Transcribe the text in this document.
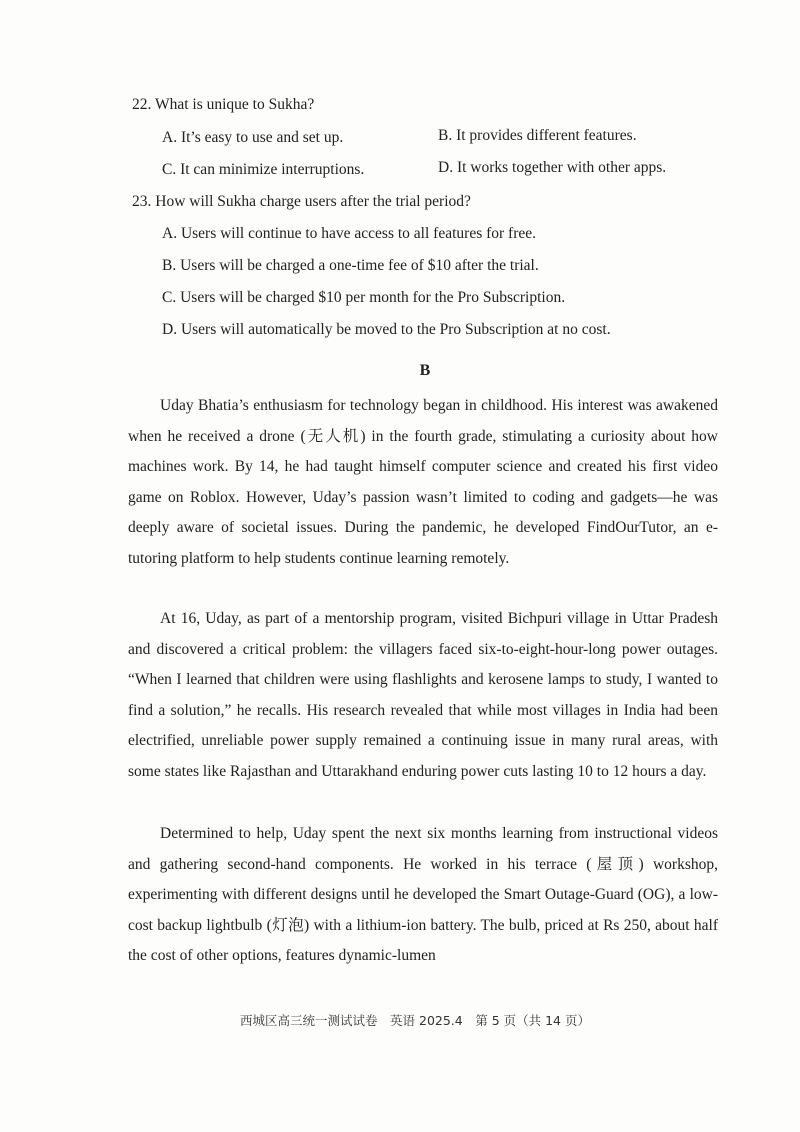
22. What is unique to Sukha?
A. It’s easy to use and set up.	B. It provides different features.
C. It can minimize interruptions.	D. It works together with other apps.
23. How will Sukha charge users after the trial period?
A. Users will continue to have access to all features for free.
B. Users will be charged a one-time fee of $10 after the trial.
C. Users will be charged $10 per month for the Pro Subscription.
D. Users will automatically be moved to the Pro Subscription at no cost.
B
Uday Bhatia’s enthusiasm for technology began in childhood. His interest was awakened when he received a drone (无人机) in the fourth grade, stimulating a curiosity about how machines work. By 14, he had taught himself computer science and created his first video game on Roblox. However, Uday’s passion wasn’t limited to coding and gadgets—he was deeply aware of societal issues. During the pandemic, he developed FindOurTutor, an e-tutoring platform to help students continue learning remotely.
At 16, Uday, as part of a mentorship program, visited Bichpuri village in Uttar Pradesh and discovered a critical problem: the villagers faced six-to-eight-hour-long power outages. “When I learned that children were using flashlights and kerosene lamps to study, I wanted to find a solution,” he recalls. His research revealed that while most villages in India had been electrified, unreliable power supply remained a continuing issue in many rural areas, with some states like Rajasthan and Uttarakhand enduring power cuts lasting 10 to 12 hours a day.
Determined to help, Uday spent the next six months learning from instructional videos and gathering second-hand components. He worked in his terrace (屋顶) workshop, experimenting with different designs until he developed the Smart Outage-Guard (OG), a low-cost backup lightbulb (灯泡) with a lithium-ion battery. The bulb, priced at Rs 250, about half the cost of other options, features dynamic-lumen
西城区高三统一测试试卷　英语 2025.4　第 5 页（共 14 页）
